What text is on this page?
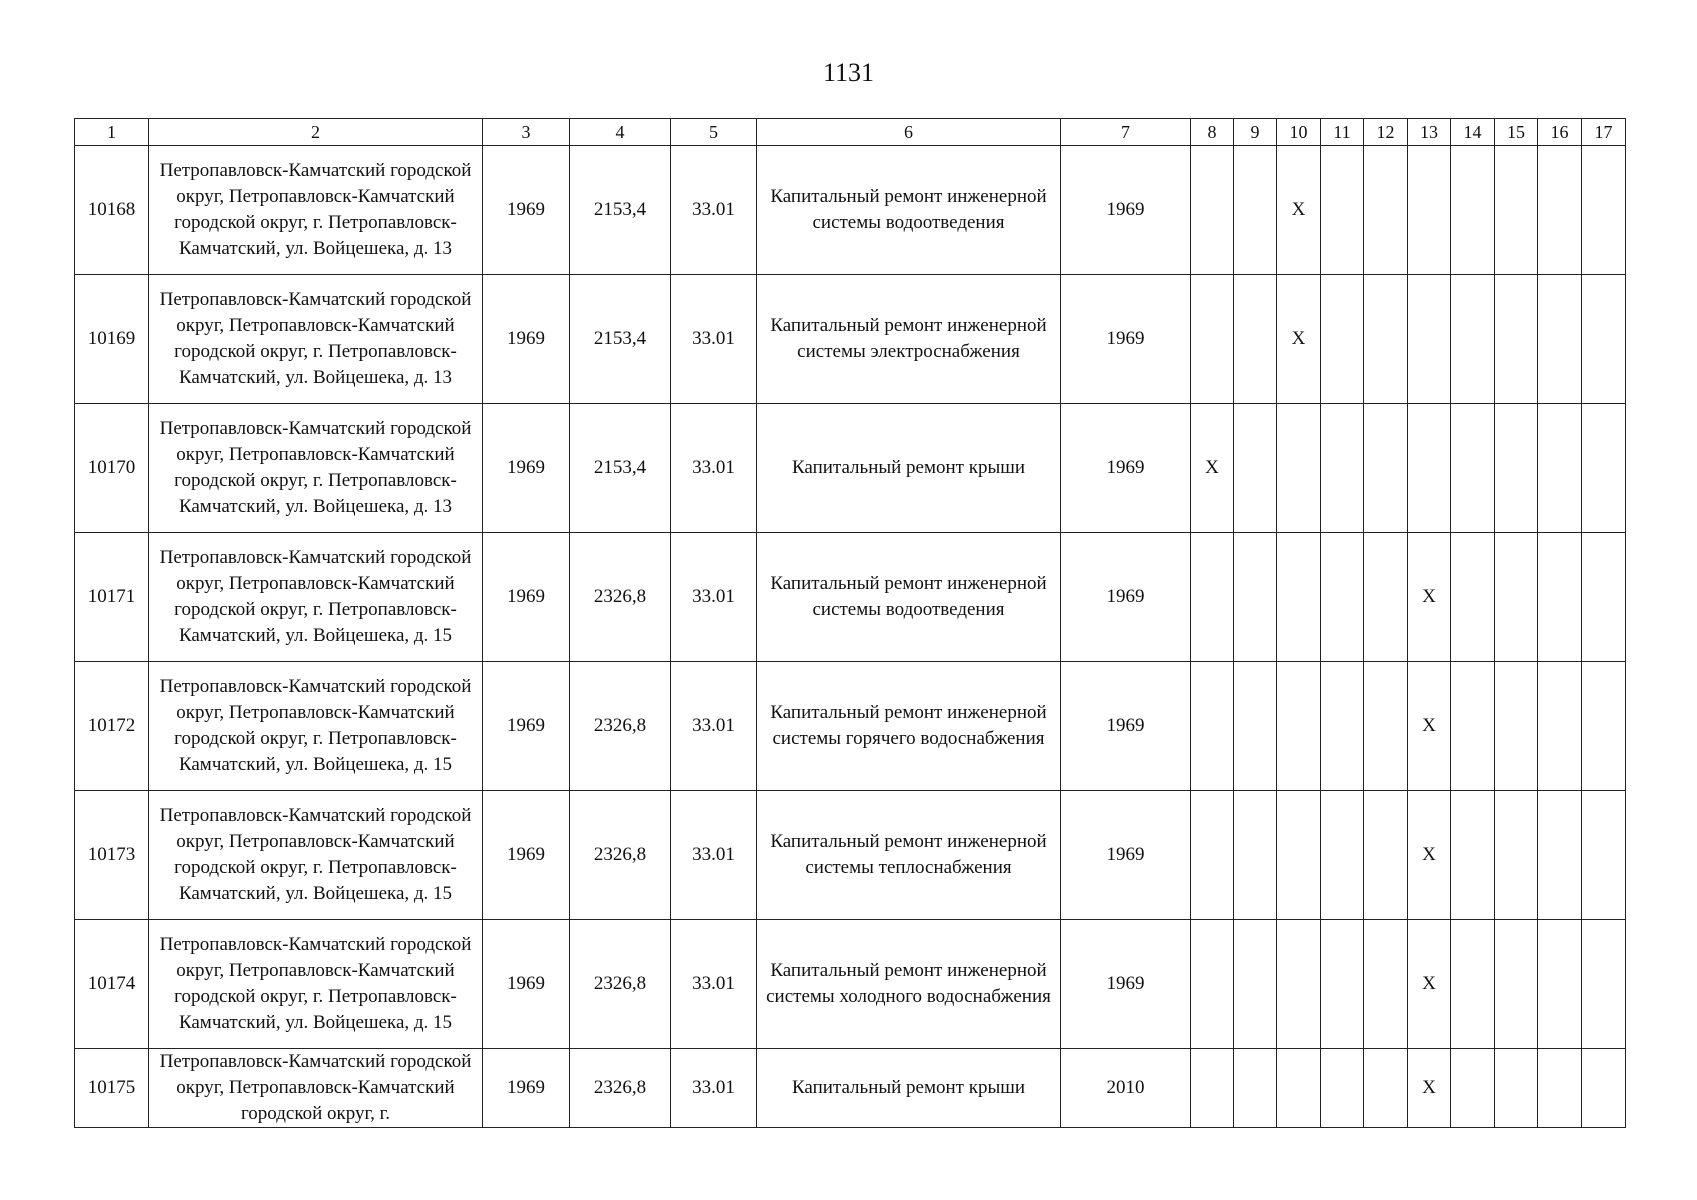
1131
1	2	3	4	5	6	7	8	9	10	11	12	13	14	15	16	17
10168	Петропавловск-Камчатский городской округ, Петропавловск-Камчатский городской округ, г. Петропавловск-Камчатский, ул. Войцешека, д. 13	1969	2153,4	33.01	Капитальный ремонт инженерной системы водоотведения	1969			X							
10169	Петропавловск-Камчатский городской округ, Петропавловск-Камчатский городской округ, г. Петропавловск-Камчатский, ул. Войцешека, д. 13	1969	2153,4	33.01	Капитальный ремонт инженерной системы электроснабжения	1969			X							
10170	Петропавловск-Камчатский городской округ, Петропавловск-Камчатский городской округ, г. Петропавловск-Камчатский, ул. Войцешека, д. 13	1969	2153,4	33.01	Капитальный ремонт крыши	1969	X									
10171	Петропавловск-Камчатский городской округ, Петропавловск-Камчатский городской округ, г. Петропавловск-Камчатский, ул. Войцешека, д. 15	1969	2326,8	33.01	Капитальный ремонт инженерной системы водоотведения	1969						X				
10172	Петропавловск-Камчатский городской округ, Петропавловск-Камчатский городской округ, г. Петропавловск-Камчатский, ул. Войцешека, д. 15	1969	2326,8	33.01	Капитальный ремонт инженерной системы горячего водоснабжения	1969						X				
10173	Петропавловск-Камчатский городской округ, Петропавловск-Камчатский городской округ, г. Петропавловск-Камчатский, ул. Войцешека, д. 15	1969	2326,8	33.01	Капитальный ремонт инженерной системы теплоснабжения	1969						X				
10174	Петропавловск-Камчатский городской округ, Петропавловск-Камчатский городской округ, г. Петропавловск-Камчатский, ул. Войцешека, д. 15	1969	2326,8	33.01	Капитальный ремонт инженерной системы холодного водоснабжения	1969						X				
10175	Петропавловск-Камчатский городской округ, Петропавловск-Камчатский городской округ, г.	1969	2326,8	33.01	Капитальный ремонт крыши	2010						X				
